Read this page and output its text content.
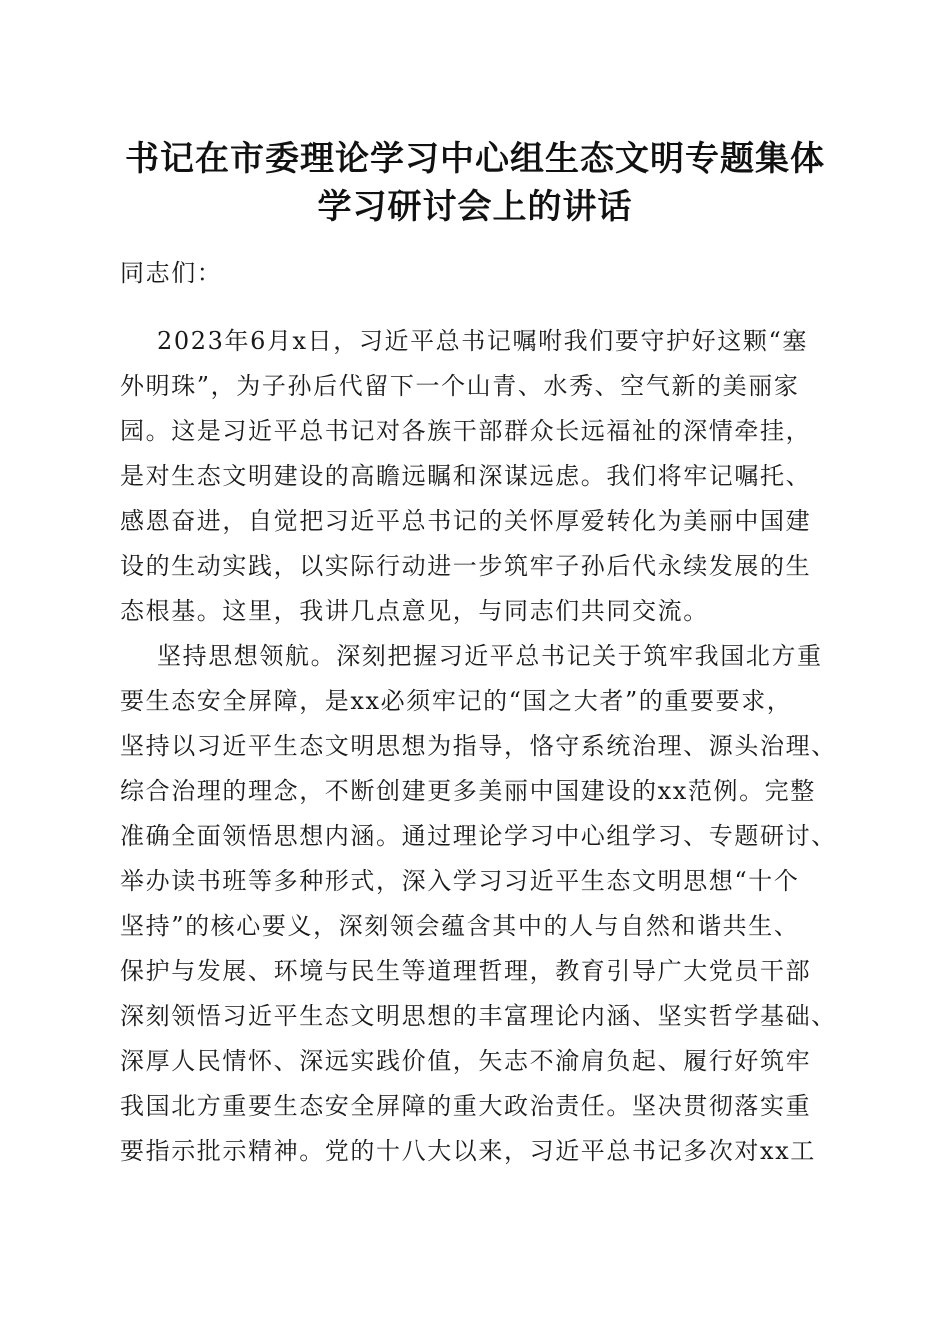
书记在市委理论学习中心组生态文明专题集体
学习研讨会上的讲话

同志们：

2023年6月x日，习近平总书记嘱咐我们要守护好这颗“塞

外明珠”，为子孙后代留下一个山青、水秀、空气新的美丽家

园。这是习近平总书记对各族干部群众长远福祉的深情牵挂，

是对生态文明建设的高瞻远瞩和深谋远虑。我们将牢记嘱托、

感恩奋进，自觉把习近平总书记的关怀厚爱转化为美丽中国建

设的生动实践，以实际行动进一步筑牢子孙后代永续发展的生

态根基。这里，我讲几点意见，与同志们共同交流。

坚持思想领航。深刻把握习近平总书记关于筑牢我国北方重

要生态安全屏障，是xx必须牢记的“国之大者”的重要要求，

坚持以习近平生态文明思想为指导，恪守系统治理、源头治理、

综合治理的理念，不断创建更多美丽中国建设的xx范例。完整

准确全面领悟思想内涵。通过理论学习中心组学习、专题研讨、

举办读书班等多种形式，深入学习习近平生态文明思想“十个

坚持”的核心要义，深刻领会蕴含其中的人与自然和谐共生、

保护与发展、环境与民生等道理哲理，教育引导广大党员干部

深刻领悟习近平生态文明思想的丰富理论内涵、坚实哲学基础、

深厚人民情怀、深远实践价值，矢志不渝肩负起、履行好筑牢

我国北方重要生态安全屏障的重大政治责任。坚决贯彻落实重

要指示批示精神。党的十八大以来，习近平总书记多次对xx工
